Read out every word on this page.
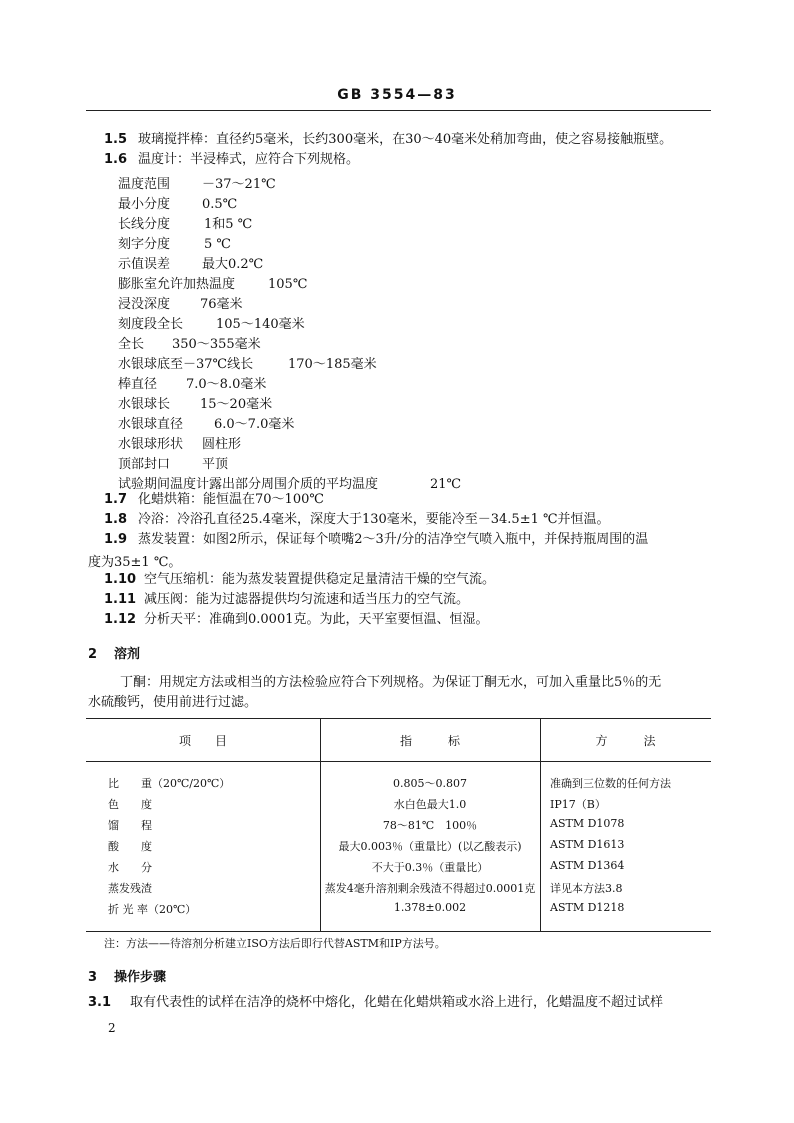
GB 3554—83
1.5 玻璃搅拌棒：直径约5毫米，长约300毫米，在30～40毫米处稍加弯曲，使之容易接触瓶壁。
1.6 温度计：半浸棒式，应符合下列规格。
温度范围 －37～21℃
最小分度 0.5℃
长线分度	1和5 ℃
刻字分度	5 ℃
示值误差 最大0.2℃
膨胀室允许加热温度	105℃
浸没深度 76毫米
刻度段全长	105～140毫米
全长 350～355毫米
水银球底至－37℃线长	170～185毫米
棒直径 7.0～8.0毫米
水银球长 15～20毫米
水银球直径 6.0～7.0毫米
水银球形状 圆柱形
顶部封口 平顶
试验期间温度计露出部分周围介质的平均温度	21℃
1.7 化蜡烘箱：能恒温在70～100℃
1.8 冷浴：冷浴孔直径25.4毫米，深度大于130毫米，要能冷至－34.5±1 ℃并恒温。
1.9 蒸发装置：如图2所示，保证每个喷嘴2～3升/分的洁净空气喷入瓶中，并保持瓶周围的温
度为35±1 ℃。
1.10 空气压缩机：能为蒸发装置提供稳定足量清洁干燥的空气流。
1.11 减压阀：能为过滤器提供均匀流速和适当压力的空气流。
1.12 分析天平：准确到0.0001克。为此，天平室要恒温、恒湿。
2 溶剂
丁酮：用规定方法或相当的方法检验应符合下列规格。为保证丁酮无水，可加入重量比5％的无
水硫酸钙，使用前进行过滤。
项　　目	指　　　标	方　　　法
比　　重（20℃/20℃）	0.805～0.807	准确到三位数的任何方法
色　　度	水白色最大1.0	IP17（B）
馏　　程	78～81℃　100％	ASTM D1078
酸　　度	最大0.003％（重量比）(以乙酸表示)	ASTM D1613
水　　分	不大于0.3％（重量比）	ASTM D1364
蒸发残渣	蒸发4毫升溶剂剩余残渣不得超过0.0001克	详见本方法3.8
折 光 率（20℃）	1.378±0.002	ASTM D1218
注：方法——待溶剂分析建立ISO方法后即行代替ASTM和IP方法号。
3 操作步骤
3.1 取有代表性的试样在洁净的烧杯中熔化，化蜡在化蜡烘箱或水浴上进行，化蜡温度不超过试样
2
